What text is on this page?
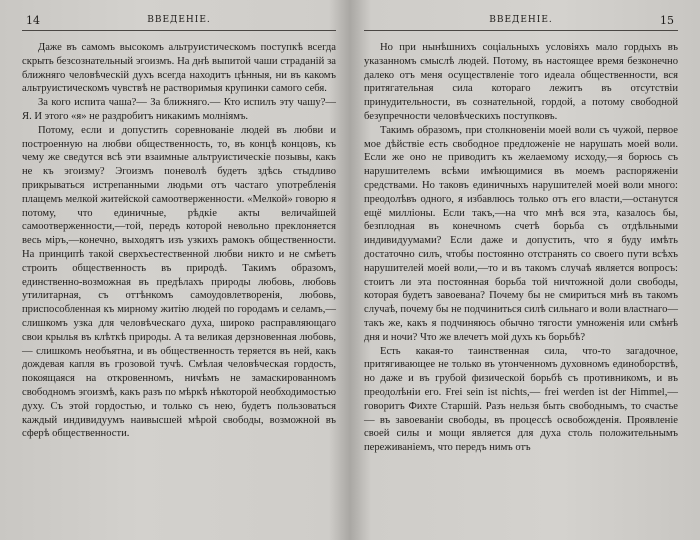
14	ВВЕДЕНІЕ.

Даже въ самомъ высокомъ альтруистическомъ поступкѣ всегда скрыть безсознательный эгоизмъ. На днѣ выпитой чаши страданій за ближняго человѣческій духъ всегда находитъ цѣнныя, ни въ какомъ альтруистическомъ чувствѣ не растворимыя крупинки самого себя.

За кого испита чаша?— За ближняго.— Кто испилъ эту чашу?— Я. И этого «я» не раздробитъ никакимъ молніямъ.

Потому, если и допустить соревнованіе людей въ любви и построенную на любви общественность, то, въ концѣ концовъ, къ чему же сведутся всѣ эти взаимные альтруистическіе позывы, какъ не къ эгоизму? Эгоизмъ поневолѣ будетъ здѣсь стыдливо прикрываться истрепанными людьми отъ частаго употребленія плащемъ мелкой житейской самоотверженности. «Мелкой» говорю я потому, что единичные, рѣдкіе акты величайшей самоотверженности,—той, передъ которой невольно преклоняется весь міръ,—конечно, выходятъ изъ узкихъ рамокъ общественности. На принципѣ такой сверхъестественной любви никто и не смѣетъ строить общественность въ природѣ. Такимъ образомъ, единственно-возможная въ предѣлахъ природы любовь, любовь утилитарная, съ оттѣнкомъ самоудовлетворенія, любовь, приспособленная къ мирному житію людей по городамъ и селамъ,—слишкомъ узка для человѣческаго духа, широко расправляющаго свои крылья въ клѣткѣ природы. А та великая дерзновенная любовь,— слишкомъ необъятна, и въ общественность теряется въ ней, какъ дождевая капля въ грозовой тучѣ. Смѣлая человѣческая гордость, покоящаяся на откровенномъ, ничѣмъ не замаскированномъ свободномъ эгоизмѣ, какъ разъ по мѣркѣ нѣкоторой необходимостью духу. Съ этой гордостью, и только съ нею, будетъ пользоваться каждый индивидуумъ наивысшей мѣрой свободы, возможной въ сферѣ общественности.

ВВЕДЕНІЕ.	15

Но при нынѣшнихъ соціальныхъ условіяхъ мало гордыхъ въ указанномъ смыслѣ людей. Потому, въ настоящее время безконечно далеко отъ меня осуществленіе того идеала общественности, вся притягательная сила котораго лежитъ въ отсутствіи принудительности, въ сознательной, гордой, а потому свободной безупречности человѣческихъ поступковъ.

Такимъ образомъ, при столкновеніи моей воли съ чужой, первое мое дѣйствіе есть свободное предложеніе не нарушать моей воли. Если же оно не приводитъ къ желаемому исходу,—я борюсь съ нарушителемъ всѣми имѣющимися въ моемъ распоряженіи средствами. Но таковъ единичныхъ нарушителей моей воли много: преодолѣвъ одного, я избавлюсь только отъ его власти,—останутся ещё милліоны. Если такъ,—на что мнѣ вся эта, казалось бы, безплодная въ конечномъ счетѣ борьба съ отдѣльными индивидуумами? Если даже и допустить, что я буду имѣть достаточно силъ, чтобы постоянно отстранять со своего пути всѣхъ нарушителей моей воли,—то и въ такомъ случаѣ является вопросъ: стоитъ ли эта постоянная борьба той ничтожной доли свободы, которая будетъ завоевана? Почему бы не смириться мнѣ въ такомъ случаѣ, почему бы не подчиниться силѣ сильнаго и воли властнаго—такъ же, какъ я подчиняюсь обычно тягости умноженія или смѣнѣ дня и ночи? Что же влечетъ мой духъ къ борьбѣ?

Есть какая-то таинственная сила, что-то загадочное, притягивающее не только въ утонченномъ духовномъ единоборствѣ, но даже и въ грубой физической борьбѣ съ противникомъ, и въ преодолѣніи его. Frei sein ist nichts,— frei werden ist der Himmel,— говоритъ Фихте Старшій. Разъ нельзя быть свободнымъ, то счастье— въ завоеваніи свободы, въ процессѣ освобожденія. Проявленіе своей силы и мощи является для духа столь положительнымъ переживаніемъ, что передъ нимъ отъ
